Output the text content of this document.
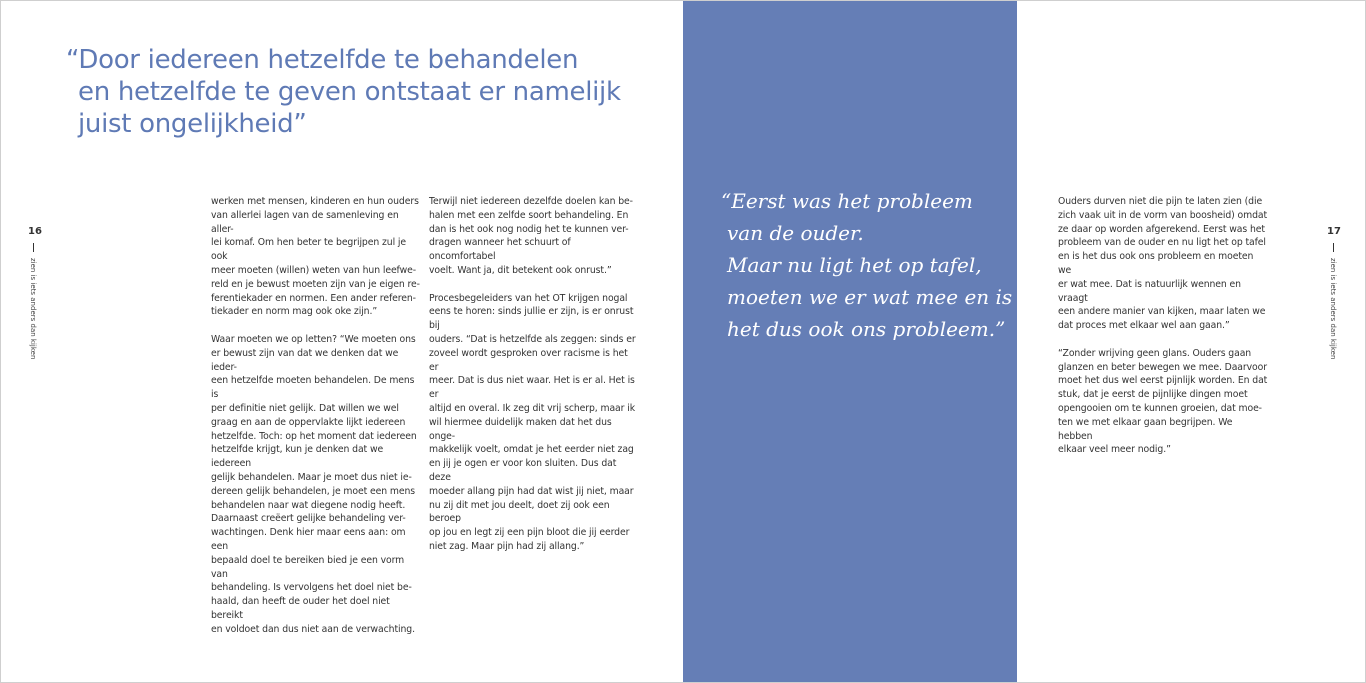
“Door iedereen hetzelfde te behandelen
en hetzelfde te geven ontstaat er namelijk
juist ongelijkheid”
16
zien is iets anders dan kijken

werken met mensen, kinderen en hun ouders
van allerlei lagen van de samenleving en aller-
lei komaf. Om hen beter te begrijpen zul je ook
meer moeten (willen) weten van hun leefwe-
reld en je bewust moeten zijn van je eigen re-
ferentiekader en normen. Een ander referen-
tiekader en norm mag ook oke zijn.”

Waar moeten we op letten? “We moeten ons
er bewust zijn van dat we denken dat we ieder-
een hetzelfde moeten behandelen. De mens is
per definitie niet gelijk. Dat willen we wel
graag en aan de oppervlakte lijkt iedereen
hetzelfde. Toch: op het moment dat iedereen
hetzelfde krijgt, kun je denken dat we iedereen
gelijk behandelen. Maar je moet dus niet ie-
dereen gelijk behandelen, je moet een mens
behandelen naar wat diegene nodig heeft.
Daarnaast creëert gelijke behandeling ver-
wachtingen. Denk hier maar eens aan: om een
bepaald doel te bereiken bied je een vorm van
behandeling. Is vervolgens het doel niet be-
haald, dan heeft de ouder het doel niet bereikt
en voldoet dan dus niet aan de verwachting.

Terwijl niet iedereen dezelfde doelen kan be-
halen met een zelfde soort behandeling. En
dan is het ook nog nodig het te kunnen ver-
dragen wanneer het schuurt of oncomfortabel
voelt. Want ja, dit betekent ook onrust.”

Procesbegeleiders van het OT krijgen nogal
eens te horen: sinds jullie er zijn, is er onrust bij
ouders. “Dat is hetzelfde als zeggen: sinds er
zoveel wordt gesproken over racisme is het er
meer. Dat is dus niet waar. Het is er al. Het is er
altijd en overal. Ik zeg dit vrij scherp, maar ik
wil hiermee duidelijk maken dat het dus onge-
makkelijk voelt, omdat je het eerder niet zag
en jij je ogen er voor kon sluiten. Dus dat deze
moeder allang pijn had dat wist jij niet, maar
nu zij dit met jou deelt, doet zij ook een beroep
op jou en legt zij een pijn bloot die jij eerder
niet zag. Maar pijn had zij allang.”

“Eerst was het probleem
van de ouder.
Maar nu ligt het op tafel,
moeten we er wat mee en is
het dus ook ons probleem.”

Ouders durven niet die pijn te laten zien (die
zich vaak uit in de vorm van boosheid) omdat
ze daar op worden afgerekend. Eerst was het
probleem van de ouder en nu ligt het op tafel
en is het dus ook ons probleem en moeten we
er wat mee. Dat is natuurlijk wennen en vraagt
een andere manier van kijken, maar laten we
dat proces met elkaar wel aan gaan.”

“Zonder wrijving geen glans. Ouders gaan
glanzen en beter bewegen we mee. Daarvoor
moet het dus wel eerst pijnlijk worden. En dat
stuk, dat je eerst de pijnlijke dingen moet
opengooien om te kunnen groeien, dat moe-
ten we met elkaar gaan begrijpen. We hebben
elkaar veel meer nodig.”

17
zien is iets anders dan kijken
